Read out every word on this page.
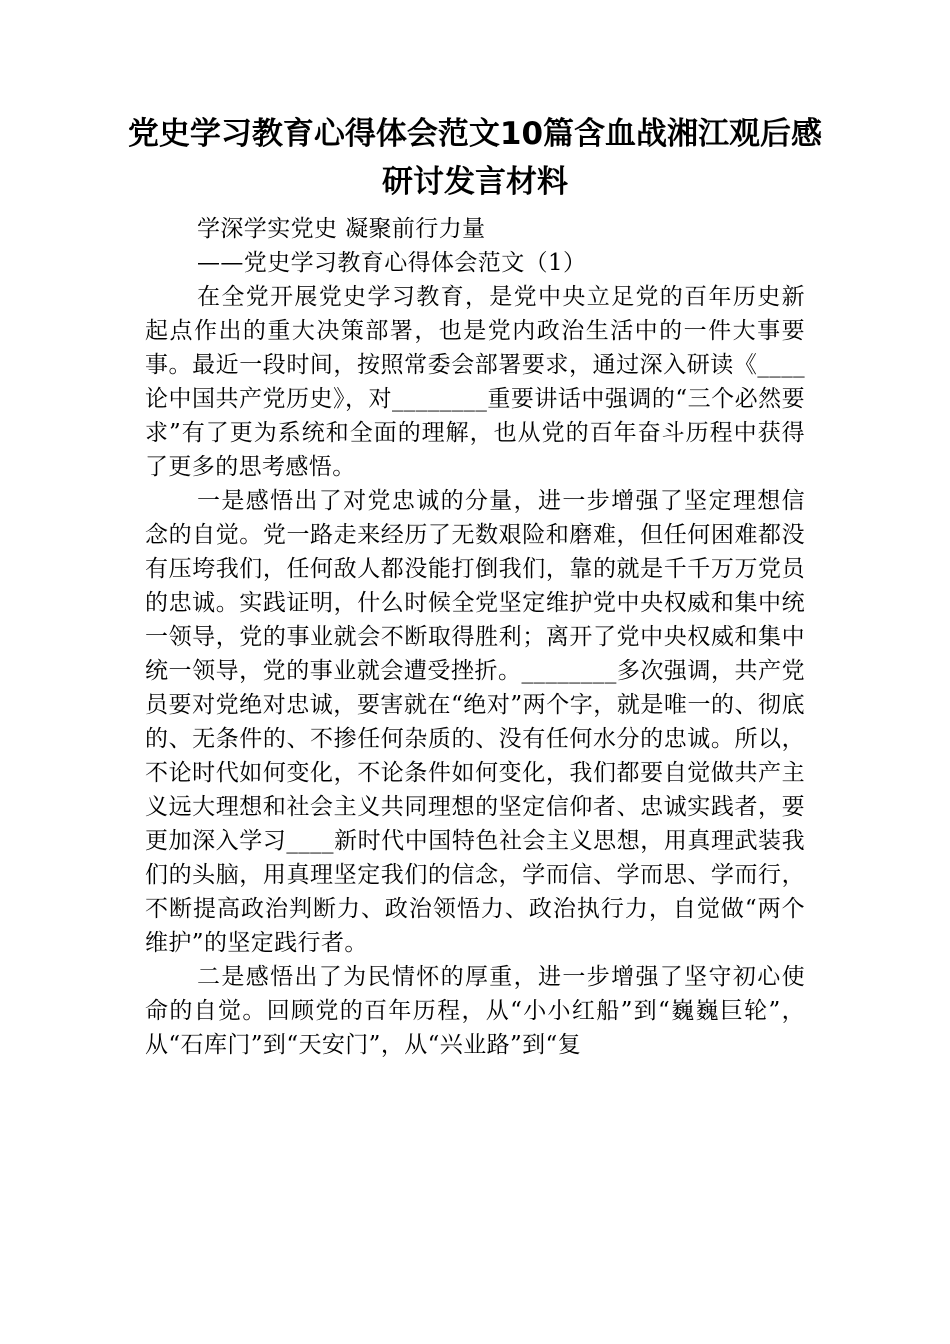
党史学习教育心得体会范文10篇含血战湘江观后感研讨发言材料

学深学实党史 凝聚前行力量

——党史学习教育心得体会范文（1）

在全党开展党史学习教育，是党中央立足党的百年历史新起点作出的重大决策部署，也是党内政治生活中的一件大事要事。最近一段时间，按照常委会部署要求，通过深入研读《____论中国共产党历史》，对________重要讲话中强调的“三个必然要求”有了更为系统和全面的理解，也从党的百年奋斗历程中获得了更多的思考感悟。

一是感悟出了对党忠诚的分量，进一步增强了坚定理想信念的自觉。党一路走来经历了无数艰险和磨难，但任何困难都没有压垮我们，任何敌人都没能打倒我们，靠的就是千千万万党员的忠诚。实践证明，什么时候全党坚定维护党中央权威和集中统一领导，党的事业就会不断取得胜利；离开了党中央权威和集中统一领导，党的事业就会遭受挫折。________多次强调，共产党员要对党绝对忠诚，要害就在“绝对”两个字，就是唯一的、彻底的、无条件的、不掺任何杂质的、没有任何水分的忠诚。所以，不论时代如何变化，不论条件如何变化，我们都要自觉做共产主义远大理想和社会主义共同理想的坚定信仰者、忠诚实践者，要更加深入学习____新时代中国特色社会主义思想，用真理武装我们的头脑，用真理坚定我们的信念，学而信、学而思、学而行，不断提高政治判断力、政治领悟力、政治执行力，自觉做“两个维护”的坚定践行者。

二是感悟出了为民情怀的厚重，进一步增强了坚守初心使命的自觉。回顾党的百年历程，从“小小红船”到“巍巍巨轮”，从“石库门”到“天安门”，从“兴业路”到“复
